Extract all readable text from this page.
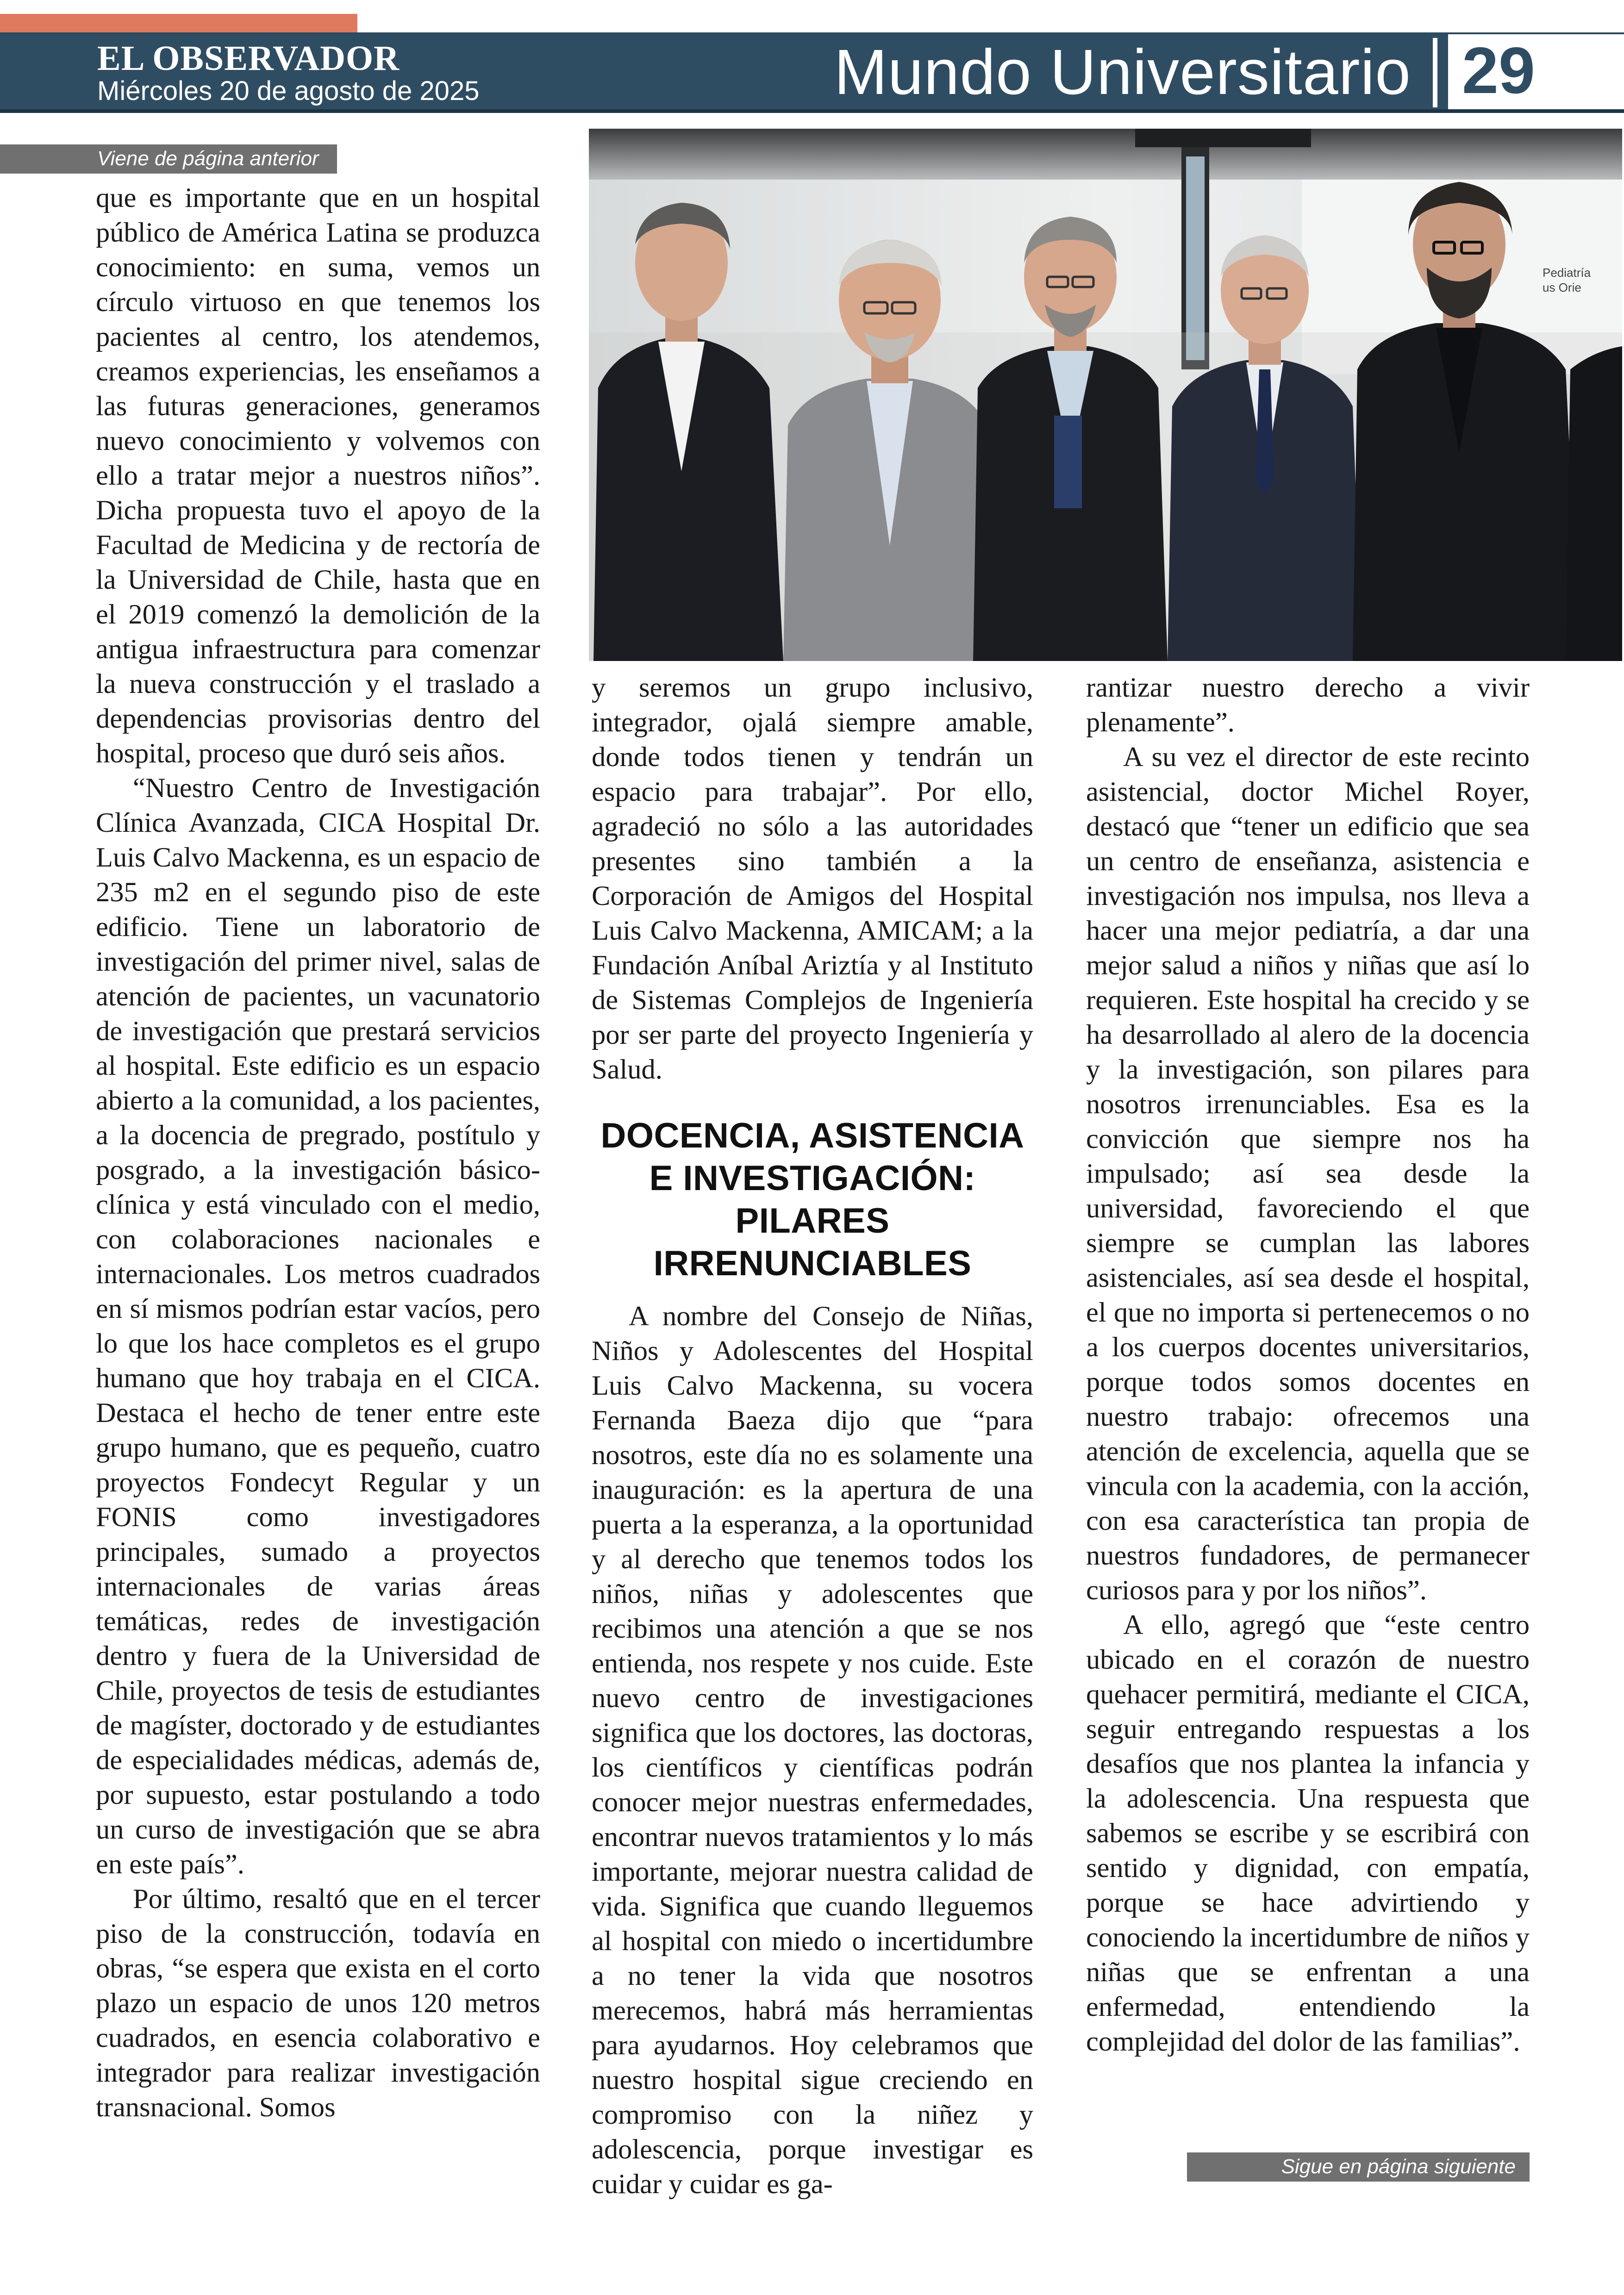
EL OBSERVADOR
Miércoles 20 de agosto de 2025	Mundo Universitario 29
Viene de página anterior
Pediatría
us Orie

que es importante que en un hospital público de América Latina se produzca conocimiento: en suma, vemos un círculo virtuoso en que tenemos los pacientes al centro, los atendemos, creamos experiencias, les enseñamos a las futuras generaciones, generamos nuevo conocimiento y volvemos con ello a tratar mejor a nuestros niños”. Dicha propuesta tuvo el apoyo de la Facultad de Medicina y de rectoría de la Universidad de Chile, hasta que en el 2019 comenzó la demolición de la antigua infraestructura para comenzar la nueva construcción y el traslado a dependencias provisorias dentro del hospital, proceso que duró seis años.

“Nuestro Centro de Investigación Clínica Avanzada, CICA Hospital Dr. Luis Calvo Mackenna, es un espacio de 235 m2 en el segundo piso de este edificio. Tiene un laboratorio de investigación del primer nivel, salas de atención de pacientes, un vacunatorio de investigación que prestará servicios al hospital. Este edificio es un espacio abierto a la comunidad, a los pacientes, a la docencia de pregrado, postítulo y posgrado, a la investigación básico-clínica y está vinculado con el medio, con colaboraciones nacionales e internacionales. Los metros cuadrados en sí mismos podrían estar vacíos, pero lo que los hace completos es el grupo humano que hoy trabaja en el CICA. Destaca el hecho de tener entre este grupo humano, que es pequeño, cuatro proyectos Fondecyt Regular y un FONIS como investigadores principales, sumado a proyectos internacionales de varias áreas temáticas, redes de investigación dentro y fuera de la Universidad de Chile, proyectos de tesis de estudiantes de magíster, doctorado y de estudiantes de especialidades médicas, además de, por supuesto, estar postulando a todo un curso de investigación que se abra en este país”.

Por último, resaltó que en el tercer piso de la construcción, todavía en obras, “se espera que exista en el corto plazo un espacio de unos 120 metros cuadrados, en esencia colaborativo e integrador para realizar investigación transnacional. Somos

y seremos un grupo inclusivo, integrador, ojalá siempre amable, donde todos tienen y tendrán un espacio para trabajar”. Por ello, agradeció no sólo a las autoridades presentes sino también a la Corporación de Amigos del Hospital Luis Calvo Mackenna, AMICAM; a la Fundación Aníbal Ariztía y al Instituto de Sistemas Complejos de Ingeniería por ser parte del proyecto Ingeniería y Salud.

DOCENCIA, ASISTENCIA E INVESTIGACIÓN: PILARES IRRENUNCIABLES

A nombre del Consejo de Niñas, Niños y Adolescentes del Hospital Luis Calvo Mackenna, su vocera Fernanda Baeza dijo que “para nosotros, este día no es solamente una inauguración: es la apertura de una puerta a la esperanza, a la oportunidad y al derecho que tenemos todos los niños, niñas y adolescentes que recibimos una atención a que se nos entienda, nos respete y nos cuide. Este nuevo centro de investigaciones significa que los doctores, las doctoras, los científicos y científicas podrán conocer mejor nuestras enfermedades, encontrar nuevos tratamientos y lo más importante, mejorar nuestra calidad de vida. Significa que cuando lleguemos al hospital con miedo o incertidumbre a no tener la vida que nosotros merecemos, habrá más herramientas para ayudarnos. Hoy celebramos que nuestro hospital sigue creciendo en compromiso con la niñez y adolescencia, porque investigar es cuidar y cuidar es ga-

rantizar nuestro derecho a vivir plenamente”.

A su vez el director de este recinto asistencial, doctor Michel Royer, destacó que “tener un edificio que sea un centro de enseñanza, asistencia e investigación nos impulsa, nos lleva a hacer una mejor pediatría, a dar una mejor salud a niños y niñas que así lo requieren. Este hospital ha crecido y se ha desarrollado al alero de la docencia y la investigación, son pilares para nosotros irrenunciables. Esa es la convicción que siempre nos ha impulsado; así sea desde la universidad, favoreciendo el que siempre se cumplan las labores asistenciales, así sea desde el hospital, el que no importa si pertenecemos o no a los cuerpos docentes universitarios, porque todos somos docentes en nuestro trabajo: ofrecemos una atención de excelencia, aquella que se vincula con la academia, con la acción, con esa característica tan propia de nuestros fundadores, de permanecer curiosos para y por los niños”.

A ello, agregó que “este centro ubicado en el corazón de nuestro quehacer permitirá, mediante el CICA, seguir entregando respuestas a los desafíos que nos plantea la infancia y la adolescencia. Una respuesta que sabemos se escribe y se escribirá con sentido y dignidad, con empatía, porque se hace advirtiendo y conociendo la incertidumbre de niños y niñas que se enfrentan a una enfermedad, entendiendo la complejidad del dolor de las familias”.

Sigue en página siguiente
